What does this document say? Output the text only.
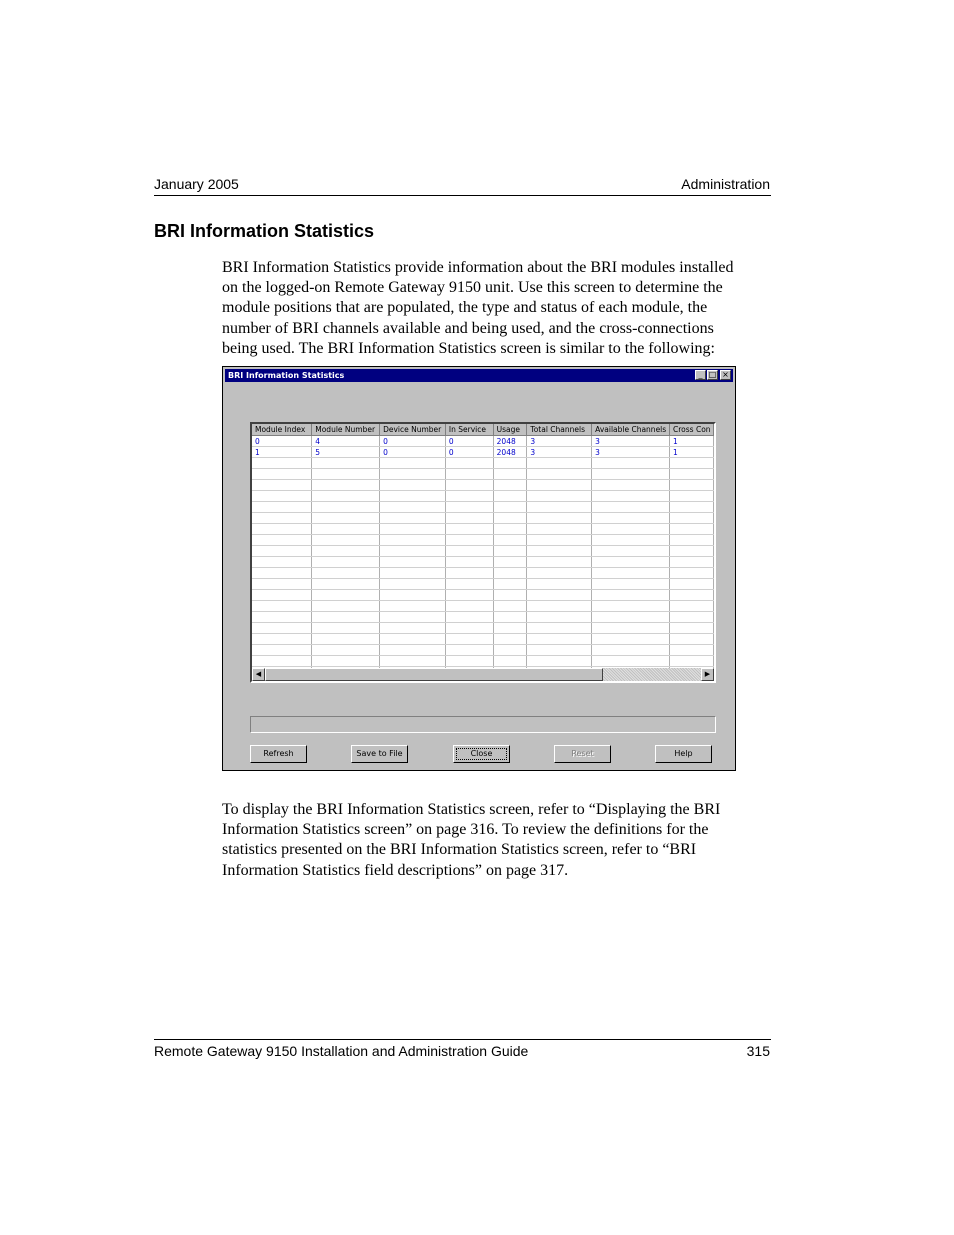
January 2005	Administration
BRI Information Statistics

BRI Information Statistics provide information about the BRI modules installed
on the logged-on Remote Gateway 9150 unit. Use this screen to determine the
module positions that are populated, the type and status of each module, the
number of BRI channels available and being used, and the cross-connections
being used. The BRI Information Statistics screen is similar to the following:

BRI Information Statistics	_ □ ×
Module Index	Module Number	Device Number	In Service	Usage	Total Channels	Available Channels	Cross Con
0	4	0	0	2048	3	3	1
1	5	0	0	2048	3	3	1

◀	▶
Refresh	Save to File	Close	Reset	Help

To display the BRI Information Statistics screen, refer to “Displaying the BRI
Information Statistics screen” on page 316. To review the definitions for the
statistics presented on the BRI Information Statistics screen, refer to “BRI
Information Statistics field descriptions” on page 317.

Remote Gateway 9150 Installation and Administration Guide	315
